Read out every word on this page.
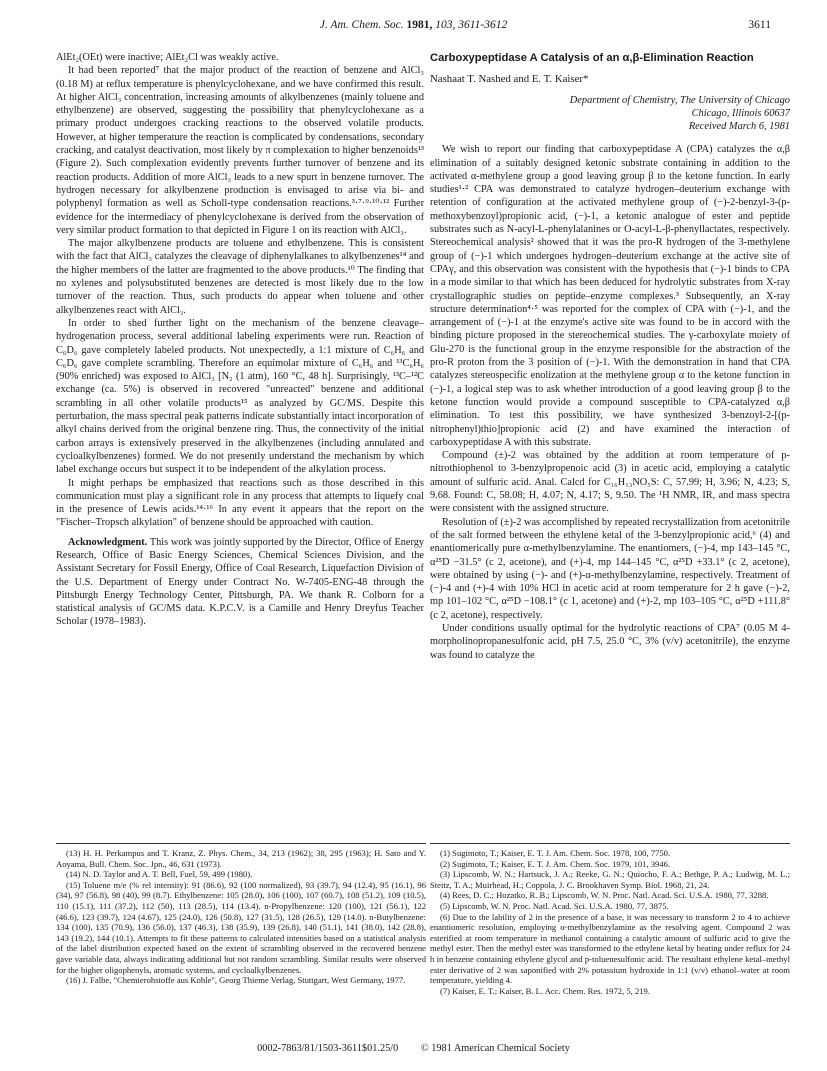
J. Am. Chem. Soc. 1981, 103, 3611-3612	3611

AlEt₂(OEt) were inactive; AlEt₂Cl was weakly active.

It had been reported⁷ that the major product of the reaction of benzene and AlCl₃ (0.18 M) at reflux temperature is phenylcyclohexane, and we have confirmed this result. At higher AlCl₃ concentration, increasing amounts of alkylbenzenes (mainly toluene and ethylbenzene) are observed, suggesting the possibility that phenylcyclohexane as a primary product undergoes cracking reactions to the observed volatile products. However, at higher temperature the reaction is complicated by condensations, secondary cracking, and catalyst deactivation, most likely by π complexation to higher benzenoids¹³ (Figure 2). Such complexation evidently prevents further turnover of benzene and its reaction products. Addition of more AlCl₃ leads to a new spurt in benzene turnover. The hydrogen necessary for alkylbenzene production is envisaged to arise via bi- and polyphenyl formation as well as Scholl-type condensation reactions.³·⁷·⁹·¹⁰·¹² Further evidence for the intermediacy of phenylcyclohexane is derived from the observation of very similar product formation to that depicted in Figure 1 on its reaction with AlCl₃.

The major alkylbenzene products are toluene and ethylbenzene. This is consistent with the fact that AlCl₃ catalyzes the cleavage of diphenylalkanes to alkylbenzenes¹⁴ and the higher members of the latter are fragmented to the above products.¹⁰ The finding that no xylenes and polysubstituted benzenes are detected is most likely due to the low turnover of the reaction. Thus, such products do appear when toluene and other alkylbenzenes react with AlCl₃.

In order to shed further light on the mechanism of the benzene cleavage–hydrogenation process, several additional labeling experiments were run. Reaction of C₆D₆ gave completely labeled products. Not unexpectedly, a 1:1 mixture of C₆H₆ and C₆D₆ gave complete scrambling. Therefore an equimolar mixture of C₆H₆ and ¹³C₆H₆ (90% enriched) was exposed to AlCl₃ [N₂ (1 atm), 160 °C, 48 h]. Surprisingly, ¹³C–¹²C exchange (ca. 5%) is observed in recovered "unreacted" benzene and additional scrambling in all other volatile products¹⁵ as analyzed by GC/MS. Despite this perturbation, the mass spectral peak patterns indicate substantially intact incorporation of alkyl chains derived from the original benzene ring. Thus, the connectivity of the initial carbon arrays is extensively preserved in the alkylbenzenes (including annulated and cycloalkylbenzenes) formed. We do not presently understand the mechanism by which label exchange occurs but suspect it to be independent of the alkylation process.

It might perhaps be emphasized that reactions such as those described in this communication must play a significant role in any process that attempts to liquefy coal in the presence of Lewis acids.¹⁴·¹⁶ In any event it appears that the report on the "Fischer–Tropsch alkylation" of benzene should be approached with caution.

Acknowledgment. This work was jointly supported by the Director, Office of Energy Research, Office of Basic Energy Sciences, Chemical Sciences Division, and the Assistant Secretary for Fossil Energy, Office of Coal Research, Liquefaction Division of the U.S. Department of Energy under Contract No. W-7405-ENG-48 through the Pittsburgh Energy Technology Center, Pittsburgh, PA. We thank R. Colborn for a statistical analysis of GC/MS data. K.P.C.V. is a Camille and Henry Dreyfus Teacher Scholar (1978–1983).

Carboxypeptidase A Catalysis of an α,β-Elimination Reaction
Nashaat T. Nashed and E. T. Kaiser*
Department of Chemistry, The University of Chicago
Chicago, Illinois 60637
Received March 6, 1981

We wish to report our finding that carboxypeptidase A (CPA) catalyzes the α,β elimination of a suitably designed ketonic substrate containing in addition to the activated α-methylene group a good leaving group β to the ketone function. In early studies¹·² CPA was demonstrated to catalyze hydrogen–deuterium exchange with retention of configuration at the activated methylene group of (−)-2-benzyl-3-(p-methoxybenzoyl)propionic acid, (−)-1, a ketonic analogue of ester and peptide substrates such as N-acyl-L-phenylalanines or O-acyl-L-β-phenyllactates, respectively. Stereochemical analysis² showed that it was the pro-R hydrogen of the 3-methylene group of (−)-1 which undergoes hydrogen–deuterium exchange at the active site of CPAγ, and this observation was consistent with the hypothesis that (−)-1 binds to CPA in a mode similar to that which has been deduced for hydrolytic substrates from X-ray crystallographic studies on peptide–enzyme complexes.³ Subsequently, an X-ray structure determination⁴·⁵ was reported for the complex of CPA with (−)-1, and the arrangement of (−)-1 at the enzyme's active site was found to be in accord with the binding picture proposed in the stereochemical studies. The γ-carboxylate moiety of Glu-270 is the functional group in the enzyme responsible for the abstraction of the pro-R proton from the 3 position of (−)-1. With the demonstration in hand that CPA catalyzes stereospecific enolization at the methylene group α to the ketone function in (−)-1, a logical step was to ask whether introduction of a good leaving group β to the ketone function would provide a compound susceptible to CPA-catalyzed α,β elimination. To test this possibility, we have synthesized 3-benzoyl-2-[(p-nitrophenyl)thio]propionic acid (2) and have examined the interaction of carboxypeptidase A with this substrate.

Compound (±)-2 was obtained by the addition at room temperature of p-nitrothiophenol to 3-benzylpropenoic acid (3) in acetic acid, employing a catalytic amount of sulfuric acid. Anal. Calcd for C₁₆H₁₃NO₅S: C, 57.99; H, 3.96; N, 4.23; S, 9.68. Found: C, 58.08; H, 4.07; N, 4.17; S, 9.50. The ¹H NMR, IR, and mass spectra were consistent with the assigned structure.

Resolution of (±)-2 was accomplished by repeated recrystallization from acetonitrile of the salt formed between the ethylene ketal of the 3-benzylpropionic acid,⁶ (4) and enantiomerically pure α-methylbenzylamine. The enantiomers, (−)-4, mp 143–145 °C, α²⁵D −31.5° (c 2, acetone), and (+)-4, mp 144–145 °C, α²⁵D +33.1° (c 2, acetone), were obtained by using (−)- and (+)-α-methylbenzylamine, respectively. Treatment of (−)-4 and (+)-4 with 10% HCl in acetic acid at room temperature for 2 h gave (−)-2, mp 101–102 °C, α²⁵D −108.1° (c 1, acetone) and (+)-2, mp 103–105 °C, α²⁵D +111.8° (c 2, acetone), respectively.

Under conditions usually optimal for the hydrolytic reactions of CPA⁷ (0.05 M 4-morpholinopropanesulfonic acid, pH 7.5, 25.0 °C, 3% (v/v) acetonitrile), the enzyme was found to catalyze the

(13) H. H. Perkampus and T. Kranz, Z. Phys. Chem., 34, 213 (1962); 38, 295 (1963); H. Sato and Y. Aoyama, Bull. Chem. Soc. Jpn., 46, 631 (1973).

(14) N. D. Taylor and A. T. Bell, Fuel, 59, 499 (1980).

(15) Toluene m/e (% rel intensity): 91 (86.6), 92 (100 normalized), 93 (39.7), 94 (12.4), 95 (16.1), 96 (34), 97 (56.8), 98 (40), 99 (8.7). Ethylbenzene: 105 (28.0), 106 (100), 107 (60.7), 108 (51.2), 109 (10.5), 110 (15.1), 111 (37.2), 112 (50), 113 (28.5), 114 (13.4). n-Propylbenzene: 120 (100), 121 (56.1), 122 (46.6), 123 (39.7), 124 (4.67), 125 (24.0), 126 (50.8), 127 (31.5), 128 (26.5), 129 (14.0). n-Butylbenzene: 134 (100), 135 (70.9), 136 (56.0), 137 (46.3), 138 (35.9), 139 (26.8), 140 (51.1), 141 (38.0), 142 (28.8), 143 (19.2), 144 (10.1). Attempts to fit these patterns to calculated intensities based on a statistical analysis of the label distribution expected based on the extent of scrambling observed in the recovered benzene gave variable data, always indicating additional but not random scrambling. Similar results were observed for the higher oligophenyls, aromatic systems, and cycloalkylbenzenes.

(16) J. Falbe, "Chemierohstoffe aus Kohle", Georg Thieme Verlag, Stuttgart, West Germany, 1977.

(1) Sugimoto, T.; Kaiser, E. T. J. Am. Chem. Soc. 1978, 100, 7750.

(2) Sugimoto, T.; Kaiser, E. T. J. Am. Chem. Soc. 1979, 101, 3946.

(3) Lipscomb, W. N.; Hartsuck, J. A.; Reeke, G. N.; Quiocho, F. A.; Bethge, P. A.; Ludwig, M. L.; Steitz, T. A.; Muirhead, H.; Coppola, J. C. Brookhaven Symp. Biol. 1968, 21, 24.

(4) Rees, D. C.; Hozatko, R. B.; Lipscomb, W. N. Proc. Natl. Acad. Sci. U.S.A. 1980, 77, 3288.

(5) Lipscomb, W. N. Proc. Natl. Acad. Sci. U.S.A. 1980, 77, 3875.

(6) Due to the lability of 2 in the presence of a base, it was necessary to transform 2 to 4 to achieve enantiomeric resolution, employing α-methylbenzylamine as the resolving agent. Compound 2 was esterified at room temperature in methanol containing a catalytic amount of sulfuric acid to give the methyl ester. Then the methyl ester was transformed to the ethylene ketal by heating under reflux for 24 h in benzene containing ethylene glycol and p-toluenesulfonic acid. The resultant ethylene ketal–methyl ester derivative of 2 was saponified with 2% potassium hydroxide in 1:1 (v/v) ethanol–water at room temperature, yielding 4.

(7) Kaiser, E. T.; Kaiser, B. L. Acc. Chem. Res. 1972, 5, 219.

0002-7863/81/1503-3611$01.25/0 © 1981 American Chemical Society
